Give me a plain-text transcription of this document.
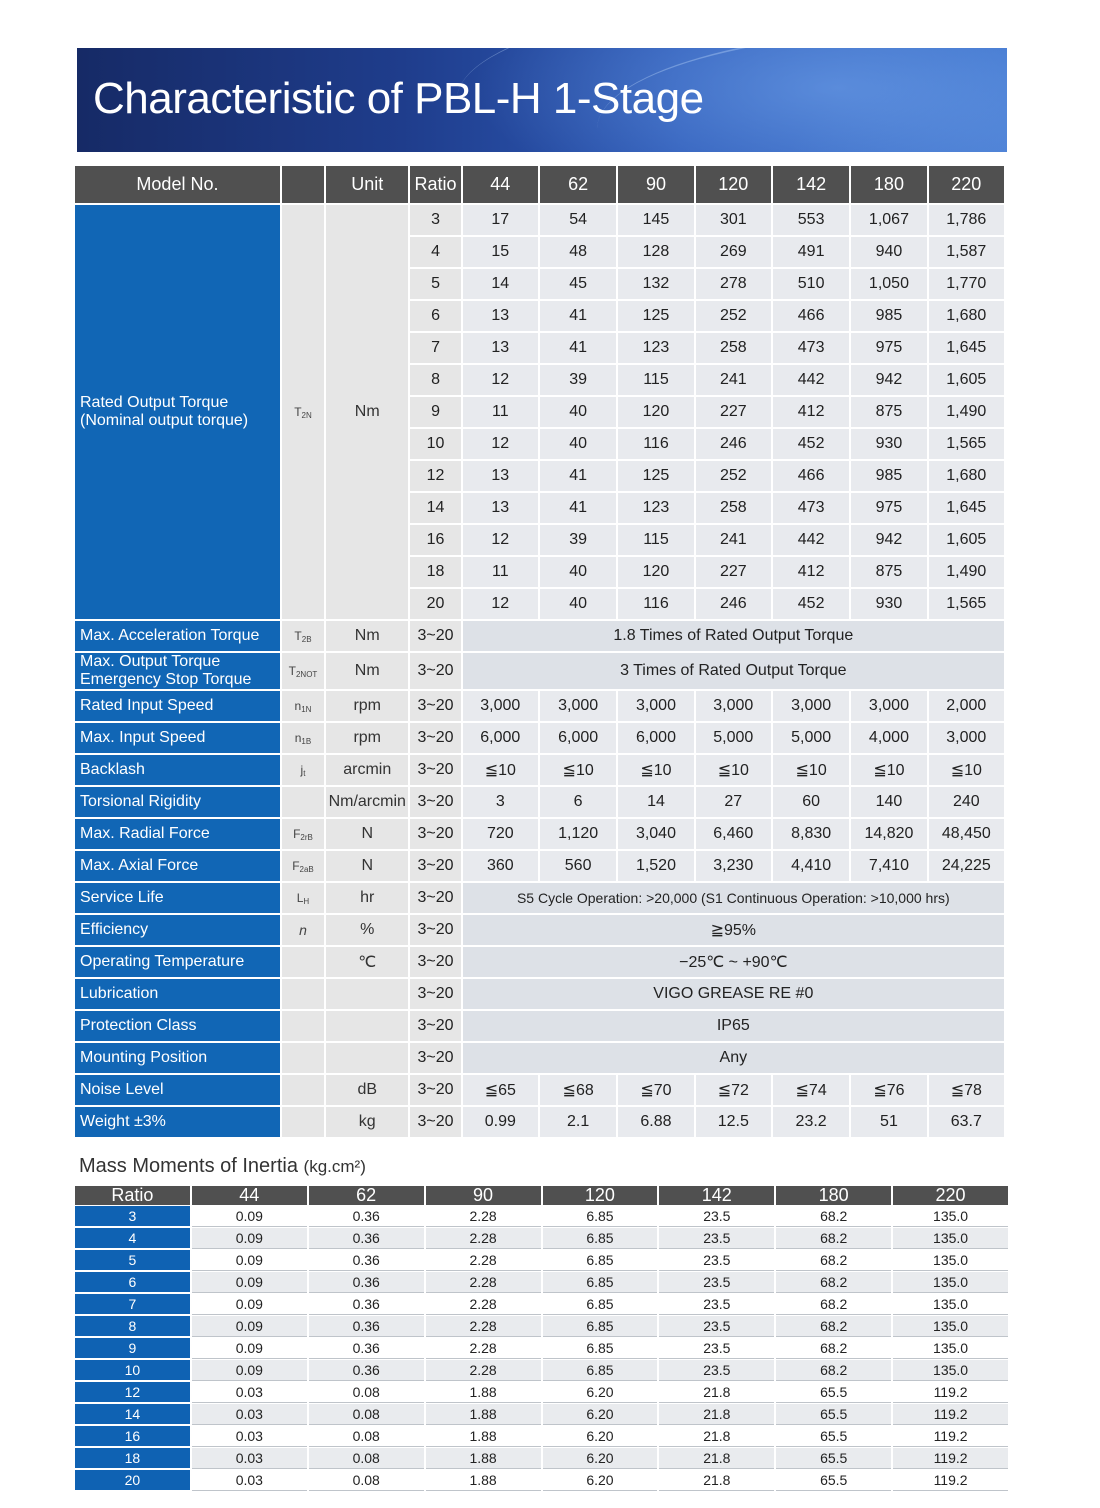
Characteristic of PBL-H 1-Stage
Model No.		Unit	Ratio	44	62	90	120	142	180	220

Rated Output Torque
(Nominal output torque)	$T_{2N}$	Nm	3	17	54	145	301	553	1,067	1,786
			4	15	48	128	269	491	940	1,587
			5	14	45	132	278	510	1,050	1,770
			6	13	41	125	252	466	985	1,680
			7	13	41	123	258	473	975	1,645
			8	12	39	115	241	442	942	1,605
			9	11	40	120	227	412	875	1,490
			10	12	40	116	246	452	930	1,565
			12	13	41	125	252	466	985	1,680
			14	13	41	123	258	473	975	1,645
			16	12	39	115	241	442	942	1,605
			18	11	40	120	227	412	875	1,490
			20	12	40	116	246	452	930	1,565
Max. Acceleration Torque	$T_{2B}$	Nm	3~20	1.8 Times of Rated Output Torque						

Max. Output Torque
Emergency Stop Torque	$T_{2NOT}$	Nm	3~20	3 Times of Rated Output Torque						
Rated Input Speed	$n_{1N}$	rpm	3~20	3,000	3,000	3,000	3,000	3,000	3,000	2,000
Max. Input Speed	$n_{1B}$	rpm	3~20	6,000	6,000	6,000	5,000	5,000	4,000	3,000
Backlash	$j_t$	arcmin	3~20	≦10	≦10	≦10	≦10	≦10	≦10	≦10
Torsional Rigidity		Nm/arcmin	3~20	3	6	14	27	60	140	240
Max. Radial Force	$F_{2rB}$	N	3~20	720	1,120	3,040	6,460	8,830	14,820	48,450
Max. Axial Force	$F_{2aB}$	N	3~20	360	560	1,520	3,230	4,410	7,410	24,225
Service Life	$L_H$	hr	3~20	S5 Cycle Operation: >20,000 (S1 Continuous Operation: >10,000 hrs)						
Efficiency	n	%	3~20	≧95%						
Operating Temperature		℃	3~20	−25℃ ~ +90℃						
Lubrication			3~20	VIGO GREASE RE #0						
Protection Class			3~20	IP65						
Mounting Position			3~20	Any						
Noise Level		dB	3~20	≦65	≦68	≦70	≦72	≦74	≦76	≦78
Weight ±3%		kg	3~20	0.99	2.1	6.88	12.5	23.2	51	63.7
Mass Moments of Inertia (kg.cm²)
Ratio	44	62	90	120	142	180	220
3	0.09	0.36	2.28	6.85	23.5	68.2	135.0
4	0.09	0.36	2.28	6.85	23.5	68.2	135.0
5	0.09	0.36	2.28	6.85	23.5	68.2	135.0
6	0.09	0.36	2.28	6.85	23.5	68.2	135.0
7	0.09	0.36	2.28	6.85	23.5	68.2	135.0
8	0.09	0.36	2.28	6.85	23.5	68.2	135.0
9	0.09	0.36	2.28	6.85	23.5	68.2	135.0
10	0.09	0.36	2.28	6.85	23.5	68.2	135.0
12	0.03	0.08	1.88	6.20	21.8	65.5	119.2
14	0.03	0.08	1.88	6.20	21.8	65.5	119.2
16	0.03	0.08	1.88	6.20	21.8	65.5	119.2
18	0.03	0.08	1.88	6.20	21.8	65.5	119.2
20	0.03	0.08	1.88	6.20	21.8	65.5	119.2
